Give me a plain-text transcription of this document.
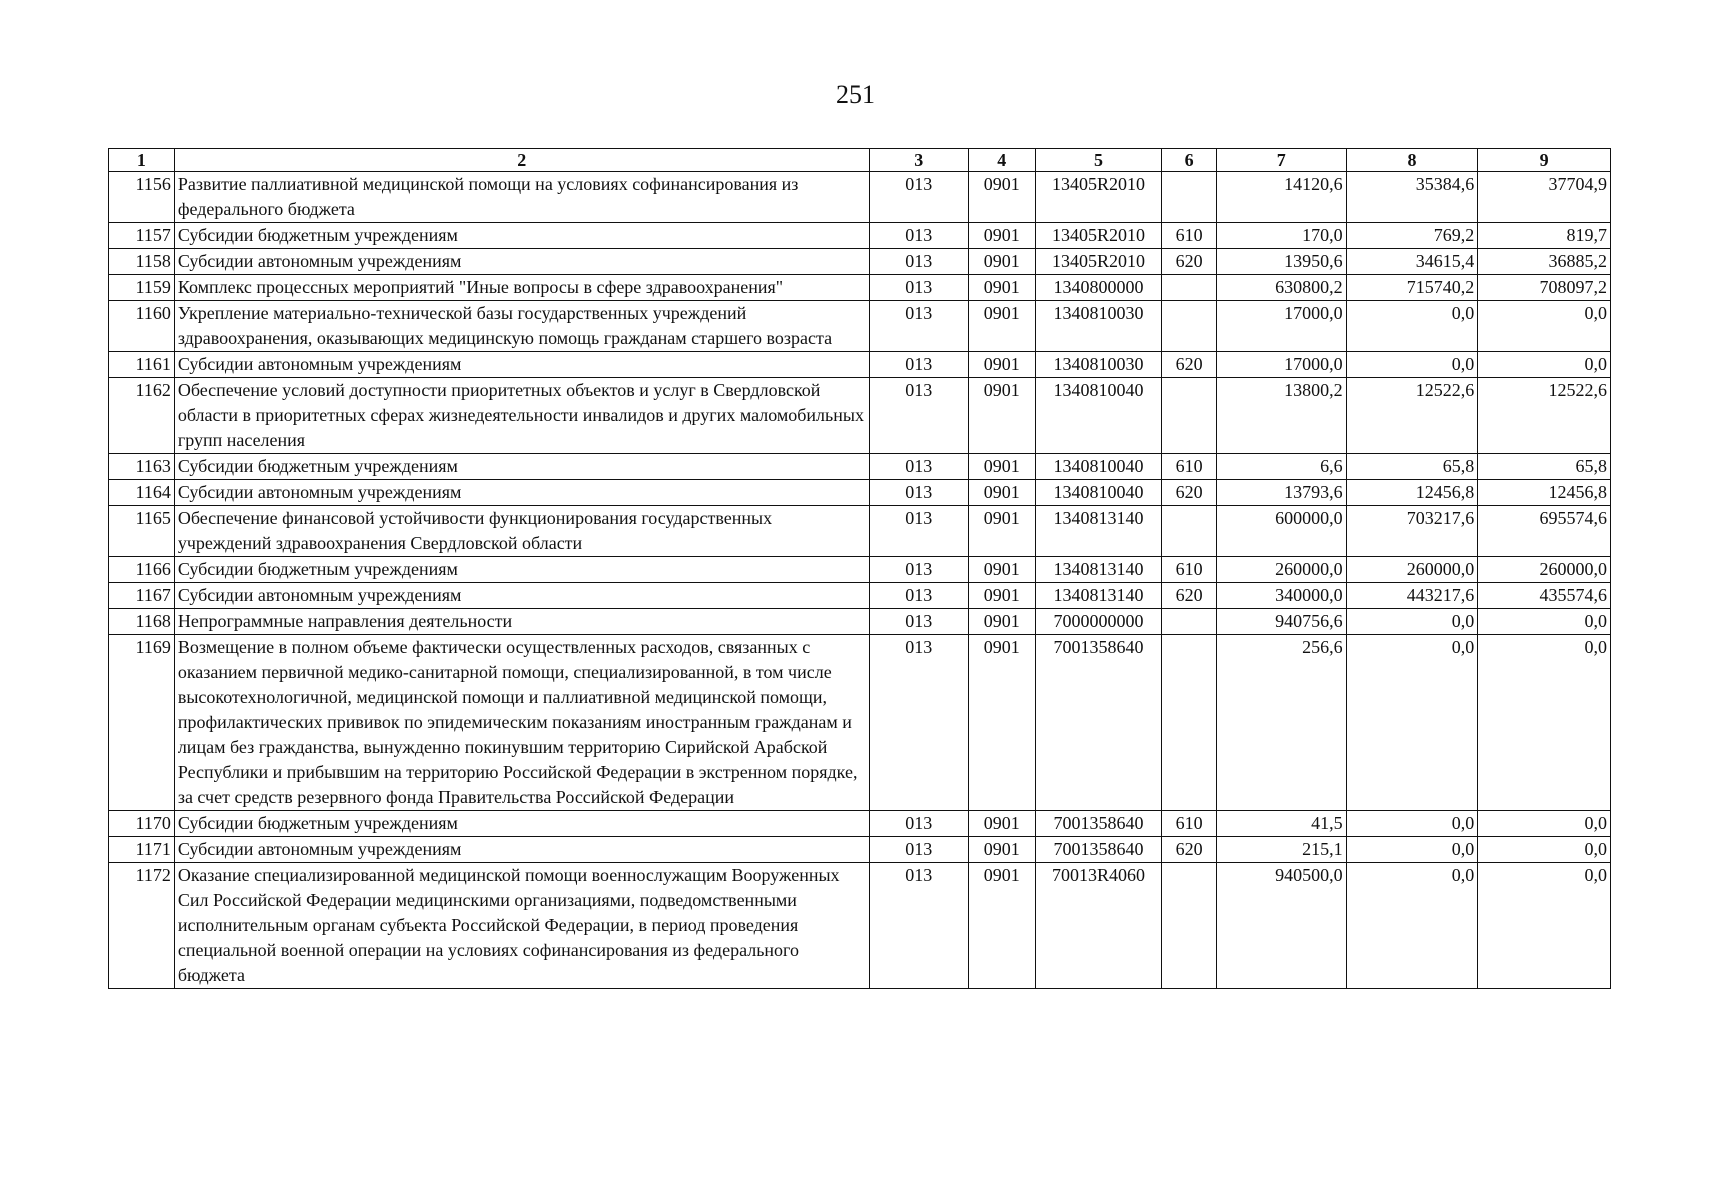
251
1	2	3	4	5	6	7	8	9
1156	Развитие паллиативной медицинской помощи на условиях софинансирования из федерального бюджета	013	0901	13405R2010		14120,6	35384,6	37704,9
1157	Субсидии бюджетным учреждениям	013	0901	13405R2010	610	170,0	769,2	819,7
1158	Субсидии автономным учреждениям	013	0901	13405R2010	620	13950,6	34615,4	36885,2
1159	Комплекс процессных мероприятий "Иные вопросы в сфере здравоохранения"	013	0901	1340800000		630800,2	715740,2	708097,2
1160	Укрепление материально-технической базы государственных учреждений здравоохранения, оказывающих медицинскую помощь гражданам старшего возраста	013	0901	1340810030		17000,0	0,0	0,0
1161	Субсидии автономным учреждениям	013	0901	1340810030	620	17000,0	0,0	0,0
1162	Обеспечение условий доступности приоритетных объектов и услуг в Свердловской области в приоритетных сферах жизнедеятельности инвалидов и других маломобильных групп населения	013	0901	1340810040		13800,2	12522,6	12522,6
1163	Субсидии бюджетным учреждениям	013	0901	1340810040	610	6,6	65,8	65,8
1164	Субсидии автономным учреждениям	013	0901	1340810040	620	13793,6	12456,8	12456,8
1165	Обеспечение финансовой устойчивости функционирования государственных учреждений здравоохранения Свердловской области	013	0901	1340813140		600000,0	703217,6	695574,6
1166	Субсидии бюджетным учреждениям	013	0901	1340813140	610	260000,0	260000,0	260000,0
1167	Субсидии автономным учреждениям	013	0901	1340813140	620	340000,0	443217,6	435574,6
1168	Непрограммные направления деятельности	013	0901	7000000000		940756,6	0,0	0,0
1169	Возмещение в полном объеме фактически осуществленных расходов, связанных с оказанием первичной медико-санитарной помощи, специализированной, в том числе высокотехнологичной, медицинской помощи и паллиативной медицинской помощи, профилактических прививок по эпидемическим показаниям иностранным гражданам и лицам без гражданства, вынужденно покинувшим территорию Сирийской Арабской Республики и прибывшим на территорию Российской Федерации в экстренном порядке, за счет средств резервного фонда Правительства Российской Федерации	013	0901	7001358640		256,6	0,0	0,0
1170	Субсидии бюджетным учреждениям	013	0901	7001358640	610	41,5	0,0	0,0
1171	Субсидии автономным учреждениям	013	0901	7001358640	620	215,1	0,0	0,0
1172	Оказание специализированной медицинской помощи военнослужащим Вооруженных Сил Российской Федерации медицинскими организациями, подведомственными исполнительным органам субъекта Российской Федерации, в период проведения специальной военной операции на условиях софинансирования из федерального бюджета	013	0901	70013R4060		940500,0	0,0	0,0
